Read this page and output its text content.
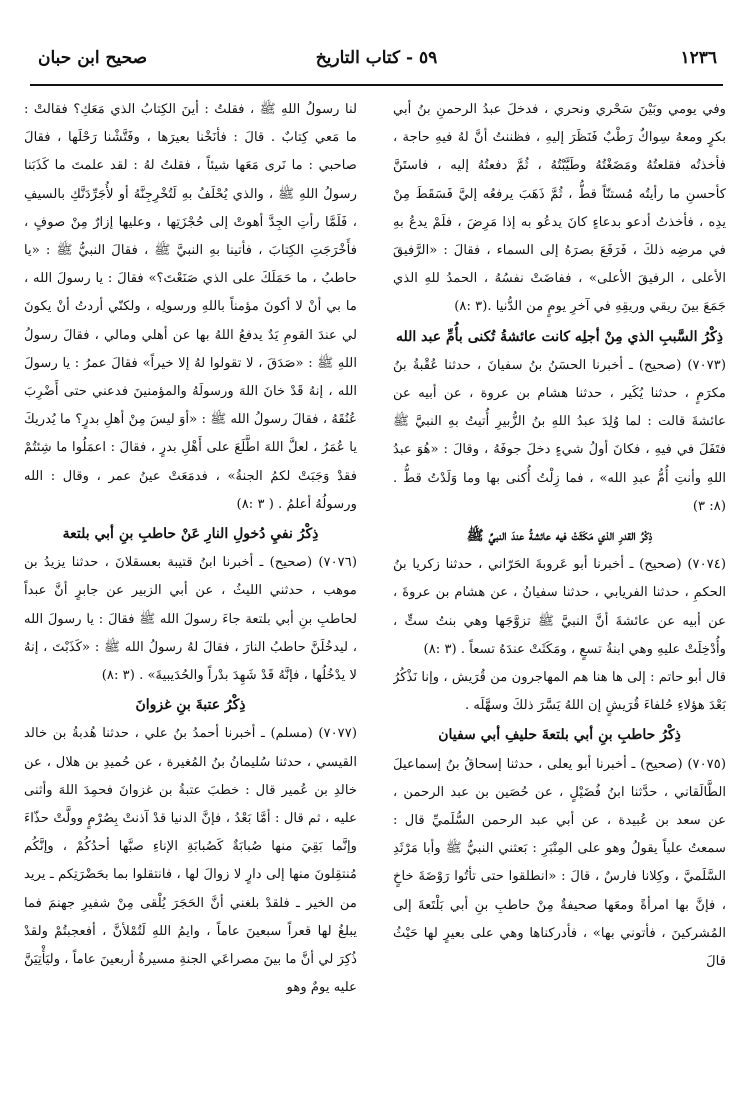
١٢٣٦
٥٩ - كتاب التاريخ
صحيح ابن حبان

وفي يومي وبَيْنَ سَحْري ونحري ، فدخلَ عبدُ الرحمنِ بنُ أبي بكرٍ ومعهُ سِواكٌ رَطْبٌ فَنَظَرَ إليهِ ، فظننتُ أنَّ لهُ فيهِ حاجة ، فأخذتُه فقلعتُهُ ومَضَغْتُهُ وطَيَّبْتُهُ ، ثُمَّ دفعتُهُ إليه ، فاستَنَّ كأحسنِ ما رأيتُه مُستنّاً قطُّ ، ثُمَّ ذَهَبَ يرفعُه إليَّ فَسَقَطَ مِنْ يدِه ، فأخذتُ أدعو بدعاءٍ كانَ يدعُو به إذا مَرِضَ ، فلَمْ يدعُ بهِ في مرضِه ذلكَ ، فَرَفَعَ بصرَهُ إلى السماء ، فقالَ : «الرَّفيقَ الأعلى ، الرفيقَ الأعلى» ، ففاضَتْ نفسُهُ ، الحمدُ للهِ الذي جَمَعَ بينَ ريقي وريقِهِ في آخرِ يومٍ من الدُّنيا .(٣ :٨)

ذِكْرُ السَّببِ الذي مِنْ أجلِه كانت عائشةُ تُكنى بأُمِّ عبد الله

(٧٠٧٣) (صحيح) ـ أخبرنا الحسَنُ بنُ سفيانَ ، حدثنا عُقْبةُ بنُ مكرَمٍ ، حدثنا يُكَير ، حدثنا هشام بن عروة ، عن أبيه عن عائشةَ قالت : لما وُلِدَ عبدُ اللهِ بنُ الزُّبيرِ أُتيتُ بهِ النبيَّ ﷺ فتَفَلَ في فيهِ ، فكانَ أولُ شيءٍ دخلَ جوفَهُ ، وقالَ : «هُوَ عبدُ اللهِ وأنتِ أُمُّ عبدِ الله» ، فما زِلْتُ أُكنى بها وما وَلَدْتُ قطُّ . (٨: ٣)

ذِكْرُ القدرِ الذي مَكَثَتْ فيه عائشةُ عندَ النبيِّ ﷺ

(٧٠٧٤) (صحيح) ـ أخبرنا أبو عَروبةَ الحَرّاني ، حدثنا زكريا بنُ الحكمِ ، حدثنا الفريابي ، حدثنا سفيانُ ، عن هشام بن عروةَ ، عن أبيه عن عائشةَ أنَّ النبيَّ ﷺ تزوَّجَها وهي بنتُ ستٍّ ، وأُدْخِلَتْ عليهِ وهي ابنةُ تسعٍ ، ومَكَثَتْ عندَهُ تسعاً . (٣ :٨)

قال أبو حاتم : إلى ها هنا هم المهاجرون من قُرَيش ، وإنا نَذْكُرُ بَعْدَ هؤلاءِ حُلفاءَ قُرَيشٍ إن اللهُ يَسَّرَ ذلكَ وسهَّلَه .

ذِكْرُ حاطبِ بنِ أبي بلتعةَ حليفِ أبي سفيان

(٧٠٧٥) (صحيح) ـ أخبرنا أبو يعلى ، حدثنا إسحاقُ بنُ إسماعيلَ الطَّالَقاني ، حدَّثنا ابنُ فُضَيْلٍ ، عن حُصَين بن عبد الرحمن ، عن سعد بن عُبيدة ، عن أبي عبد الرحمن السُّلَميِّ قال : سمعتُ علياً يقولُ وهو على المِنْبَرِ : بَعثني النبيُّ ﷺ وأبا مَرْثَدِ السَّلَميَّ ، وكِلانا فارسٌ ، قالَ : «انطلقوا حتى تأتُوا رَوْضَةَ خاخٍ ، فإنَّ بها امرأةً ومعَها صحيفةٌ مِنْ حاطبِ بنِ أبي بَلْتَعةَ إلى المُشركينَ ، فأتوني بها» ، فأدركناها وهي على بعيرٍ لها حَيْثُ قالَ

لنا رسولُ اللهِ ﷺ ، فقلتُ : أينَ الكِتابُ الذي مَعَكِ؟ فقالتْ : ما مَعي كِتابٌ . قالَ : فأنَخْنا بعيرَها ، وفَتَّشْنا رَحْلَها ، فقالَ صاحبي : ما نَرى مَعَها شيئاً ، فقلتُ لهُ : لقد علمتَ ما كَذَبَنا رسولُ اللهِ ﷺ ، والذي يُحْلَفُ بهِ لَتُخْرِجِنَّهُ أو لأُجَرِّدَنَّكِ بالسيفِ ، فَلَمَّا رأتِ الجِدَّ أهوتْ إلى حُجْزَتِها ، وعليها إزارٌ مِنْ صوفٍ ، فأَخْرَجَتِ الكِتابَ ، فأتينا بهِ النبيَّ ﷺ ، فقالَ النبيُّ ﷺ : «يا حاطبُ ، ما حَمَلَكَ على الذي صَنَعْتَ؟» فقالَ : يا رسولَ الله ، ما بي أنْ لا أكونَ مؤمناً باللهِ ورسولِه ، ولكنّي أردتُ أنْ يكونَ لي عندَ القومِ يَدٌ يدفعُ اللهُ بها عن أهلي ومالي ، فقالَ رسولُ اللهِ ﷺ : «صَدَقَ ، لا تقولوا لهُ إلا خيراً» فقالَ عمرُ : يا رسولَ الله ، إنهُ قَدْ خانَ اللهَ ورسولَهُ والمؤمنينَ فدعني حتى أَضْرِبَ عُنُقَهُ ، فقالَ رسولُ الله ﷺ : «أوَ ليسَ مِنْ أهلِ بدرٍ؟ ما يُدريكَ يا عُمَرُ ، لعلَّ اللهَ اطَّلَعَ على أَهْلِ بدرٍ ، فقالَ : اعمَلُوا ما شِئتُمْ فقدْ وَجَبَتْ لكمُ الجنةُ» ، فدمَعَتْ عينُ عمر ، وقال : الله ورسولُهُ أعلمُ . ( ٣ :٨)

ذِكْرُ نفيِ دُخولِ النارِ عَنْ حاطبِ بنِ أبي بلتعة

(٧٠٧٦) (صحيح) ـ أخبرنا ابنُ قتيبة بعسقلانَ ، حدثنا يزيدُ بن موهب ، حدثني الليثُ ، عن أبي الزبير عن جابرٍ أنَّ عبداً لحاطبِ بنِ أبي بلتعة جاءَ رسولَ الله ﷺ فقالَ : يا رسولَ الله ، ليدخُلَنَّ حاطبُ النارَ ، فقالَ لهُ رسولُ الله ﷺ : «كَذَبْتَ ، إنهُ لا يدْخُلُها ، فإنَّهُ قَدْ شَهِدَ بدْراً والحُدَيبيةَ» . (٣ :٨)

ذِكْرُ عتبةَ بنِ غزوانَ

(٧٠٧٧) (مسلم) ـ أخبرنا أحمدُ بنُ علي ، حدثنا هُدبةُ بن خالد القيسي ، حدثنا سُليمانُ بنُ المُغيرة ، عن حُميدِ بن هلال ، عن خالدِ بن عُمير قال : خطبَ عتبةُ بن غزوانَ فحمِدَ اللهَ وأثنى عليه ، ثم قال : أمَّا بَعْدُ ، فإنَّ الدنيا قدْ آذنتْ بِصُرْمٍ وولَّتْ حذّاءَ وإنَّما بَقِيَ منها صُبابَةٌ كَصُبابَةِ الإناءِ صبَّها أحدُكُمْ ، وإنَّكُم مُنتقِلونَ منها إلى دارٍ لا زوالَ لها ، فانتقلوا بما بحَضْرَتِكم ـ يريد من الخير ـ فلقدْ بلغني أنَّ الحَجَرَ يُلْقى مِنْ شفيرِ جهنمَ فما يبلغُ لها قعراً سبعينَ عاماً ، وايمُ اللهِ لَتُمْلأنَّ ، أفعجبتُمْ ولقدْ ذُكِرَ لي أنَّ ما بينَ مصراعَي الجنةِ مسيرةُ أربعينَ عاماً ، وليَأْتِيَنَّ عليه يومٌ وهو
